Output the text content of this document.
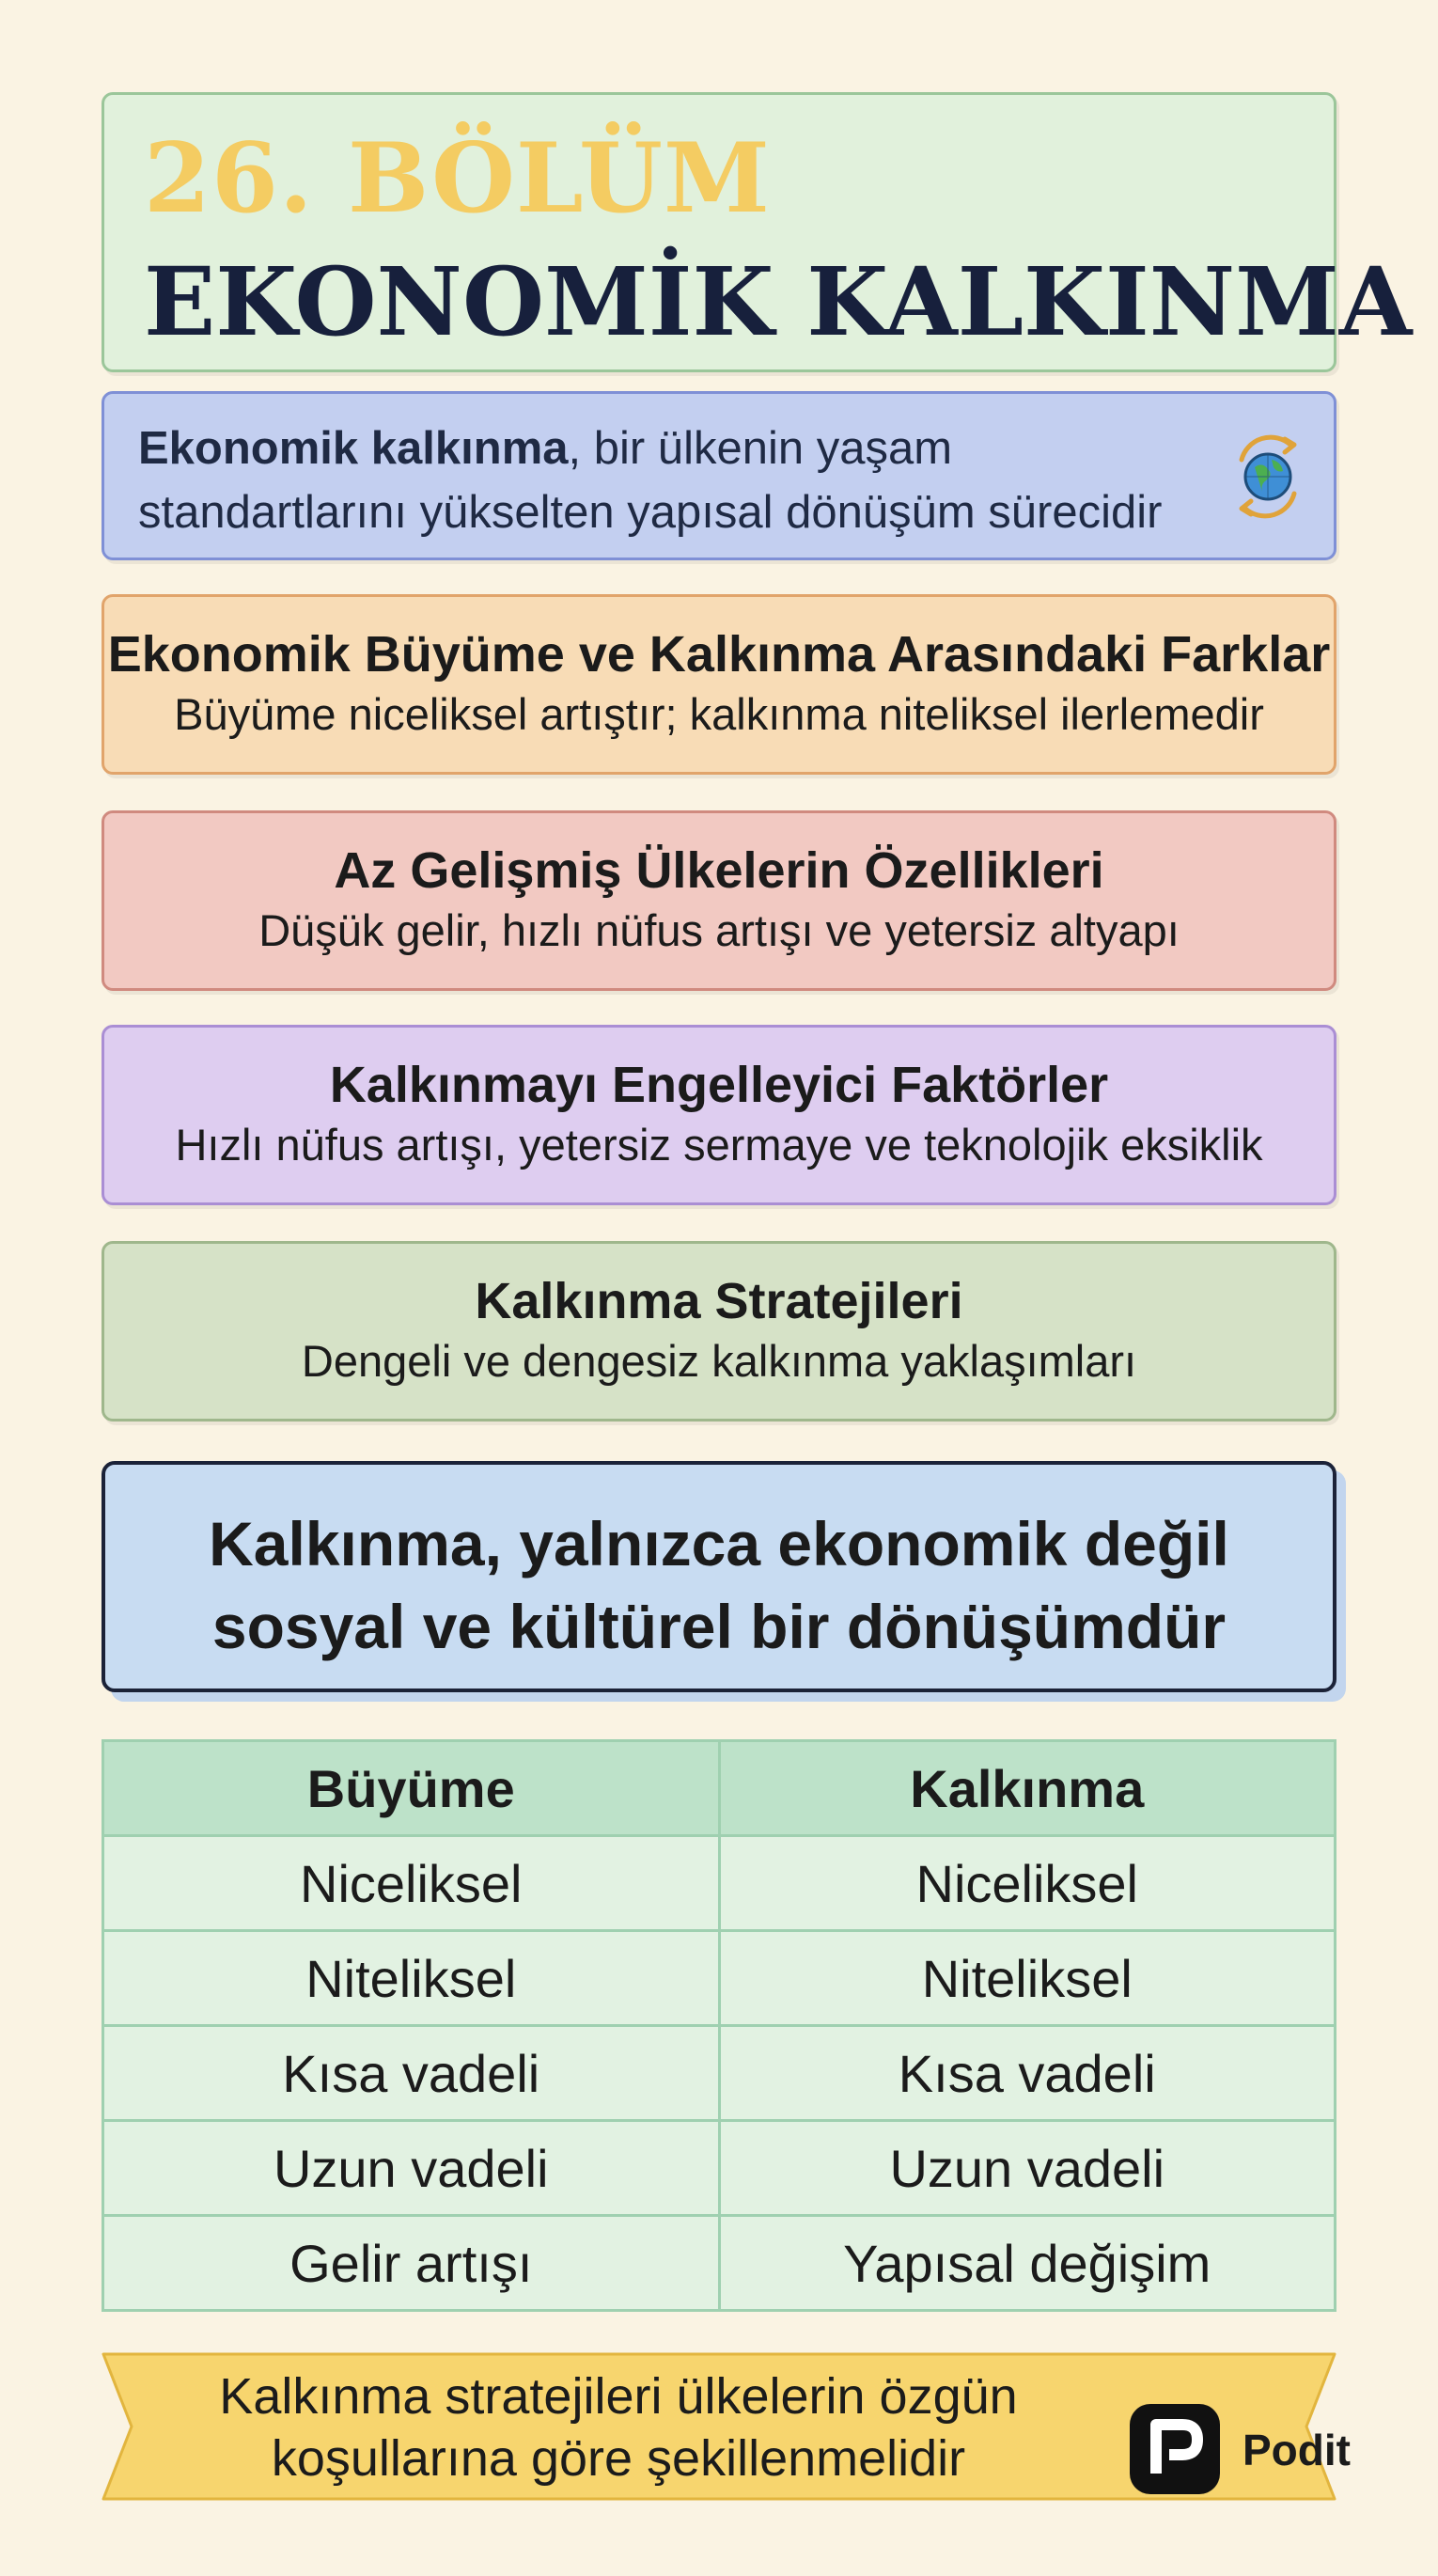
26. BÖLÜM
EKONOMİK KALKINMA
Ekonomik kalkınma, bir ülkenin yaşam
standartlarını yükselten yapısal dönüşüm sürecidir
Ekonomik Büyüme ve Kalkınma Arasındaki Farklar
Büyüme niceliksel artıştır; kalkınma niteliksel ilerlemedir
Az Gelişmiş Ülkelerin Özellikleri
Düşük gelir, hızlı nüfus artışı ve yetersiz altyapı
Kalkınmayı Engelleyici Faktörler
Hızlı nüfus artışı, yetersiz sermaye ve teknolojik eksiklik
Kalkınma Stratejileri
Dengeli ve dengesiz kalkınma yaklaşımları
Kalkınma, yalnızca ekonomik değil
sosyal ve kültürel bir dönüşümdür
Büyüme	Kalkınma
Niceliksel	Niceliksel
Niteliksel	Niteliksel
Kısa vadeli	Kısa vadeli
Uzun vadeli	Uzun vadeli
Gelir artışı	Yapısal değişim
Kalkınma stratejileri ülkelerin özgün
koşullarına göre şekillenmelidir	Podit
